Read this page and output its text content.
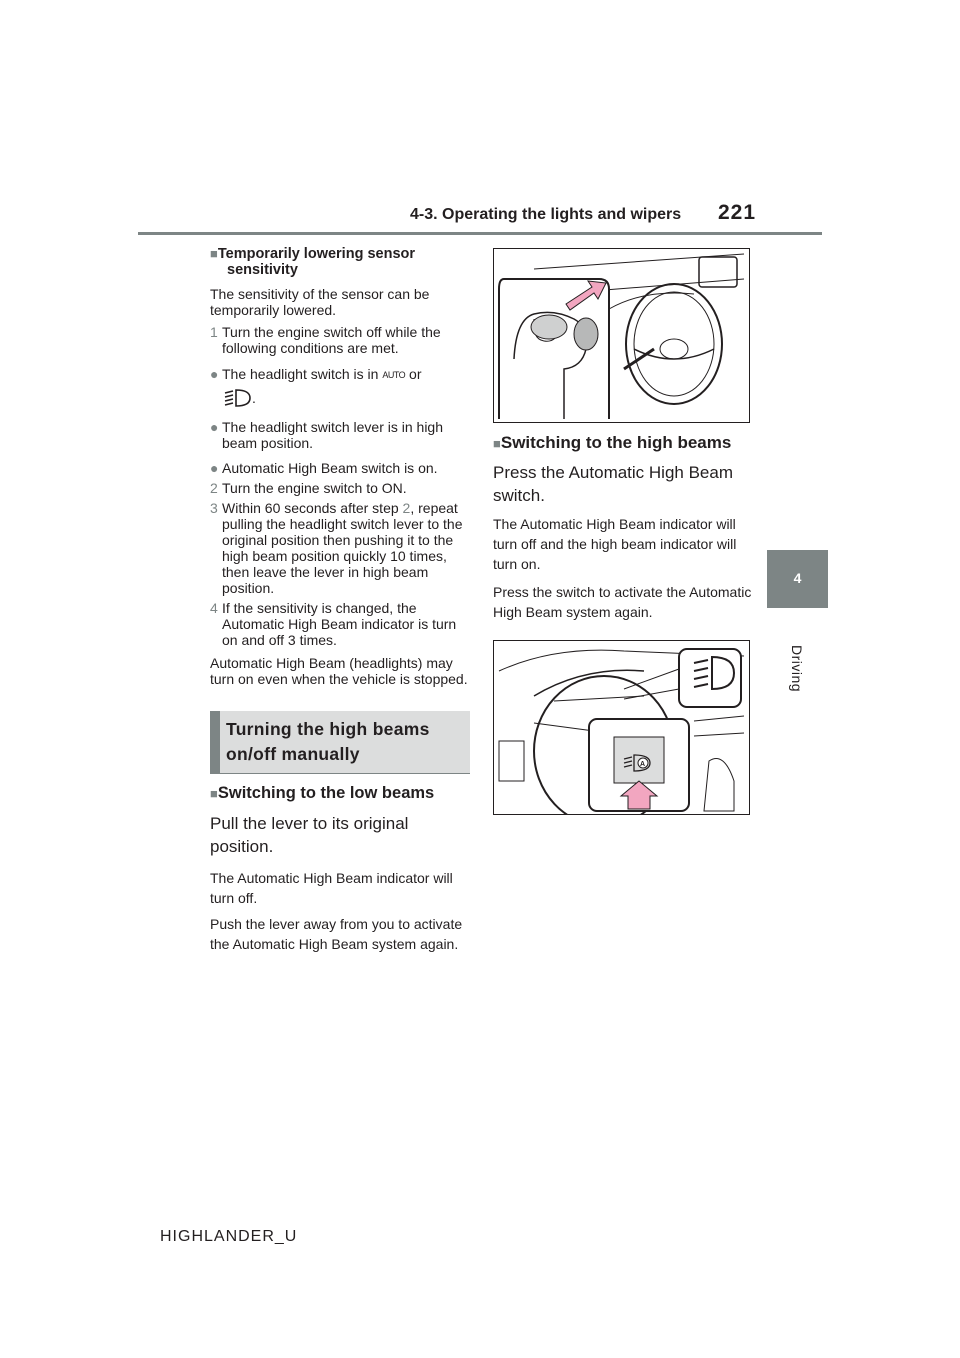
4-3. Operating the lights and wipers 221
4
Driving
■Temporarily lowering sensor sensitivity

The sensitivity of the sensor can be temporarily lowered.

1 Turn the engine switch off while the following conditions are met.
● The headlight switch is in AUTO or
.
● The headlight switch lever is in high beam position.
● Automatic High Beam switch is on.
2 Turn the engine switch to ON.
3 Within 60 seconds after step 2, repeat pulling the headlight switch lever to the original position then pushing it to the high beam position quickly 10 times, then leave the lever in high beam position.
4 If the sensitivity is changed, the Automatic High Beam indicator is turn on and off 3 times.

Automatic High Beam (headlights) may turn on even when the vehicle is stopped.

Turning the high beams
on/off manually
■Switching to the low beams

Pull the lever to its original position.

The Automatic High Beam indicator will turn off.

Push the lever away from you to activate the Automatic High Beam system again.

■Switching to the high beams

Press the Automatic High Beam switch.

The Automatic High Beam indicator will turn off and the high beam indicator will turn on.

Press the switch to activate the Automatic High Beam system again.

A
HIGHLANDER_U
